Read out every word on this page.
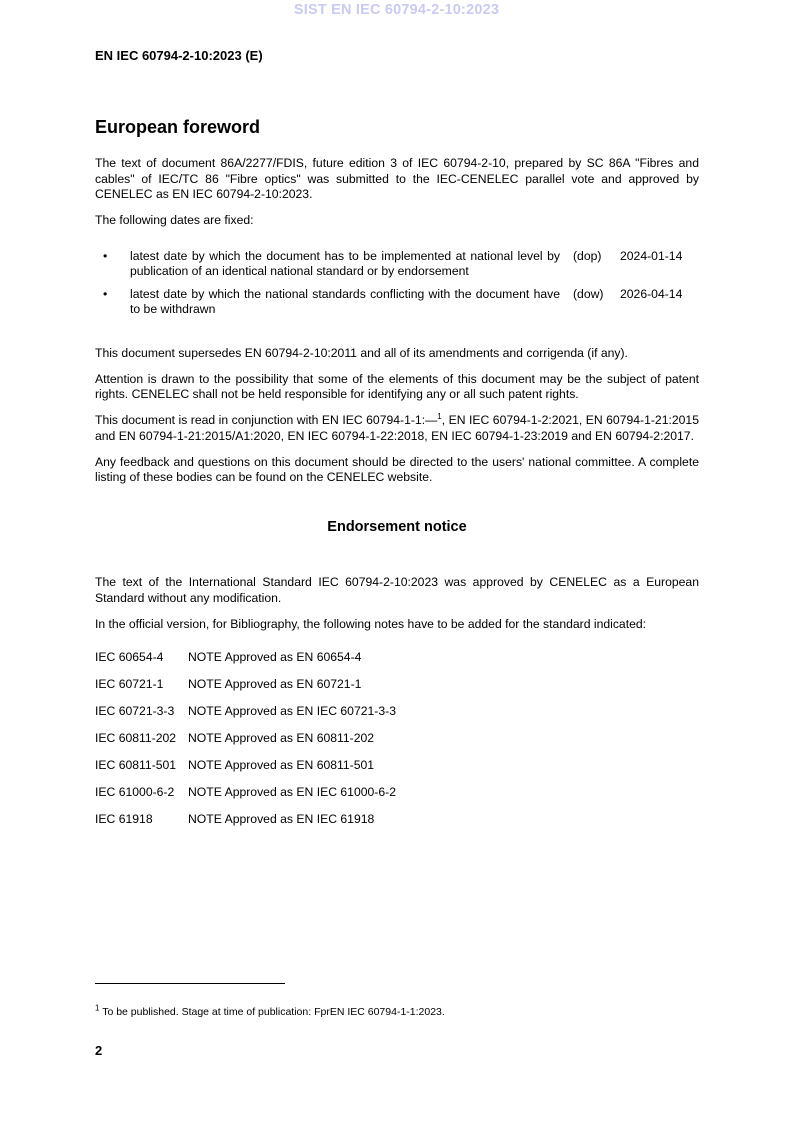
SIST EN IEC 60794-2-10:2023
EN IEC 60794-2-10:2023 (E)
European foreword

The text of document 86A/2277/FDIS, future edition 3 of IEC 60794-2-10, prepared by SC 86A "Fibres and cables" of IEC/TC 86 "Fibre optics" was submitted to the IEC-CENELEC parallel vote and approved by CENELEC as EN IEC 60794-2-10:2023.

The following dates are fixed:

• latest date by which the document has to be implemented at national level by publication of an identical national standard or by endorsement
(dop) 2024-01-14
• latest date by which the national standards conflicting with the document have to be withdrawn
(dow) 2026-04-14

This document supersedes EN 60794-2-10:2011 and all of its amendments and corrigenda (if any).

Attention is drawn to the possibility that some of the elements of this document may be the subject of patent rights. CENELEC shall not be held responsible for identifying any or all such patent rights.

This document is read in conjunction with EN IEC 60794-1-1:—$^1$, EN IEC 60794-1-2:2021, EN 60794-1-21:2015 and EN 60794-1-21:2015/A1:2020, EN IEC 60794-1-22:2018, EN IEC 60794-1-23:2019 and EN 60794-2:2017.

Any feedback and questions on this document should be directed to the users' national committee. A complete listing of these bodies can be found on the CENELEC website.

Endorsement notice

The text of the International Standard IEC 60794-2-10:2023 was approved by CENELEC as a European Standard without any modification.

In the official version, for Bibliography, the following notes have to be added for the standard indicated:

IEC 60654-4	NOTE Approved as EN 60654-4
IEC 60721-1	NOTE Approved as EN 60721-1
IEC 60721-3-3	NOTE Approved as EN IEC 60721-3-3
IEC 60811-202 NOTE Approved as EN 60811-202
IEC 60811-501 NOTE Approved as EN 60811-501
IEC 61000-6-2	NOTE Approved as EN IEC 61000-6-2
IEC 61918	NOTE Approved as EN IEC 61918
$^1$ To be published. Stage at time of publication: FprEN IEC 60794-1-1:2023.
2
